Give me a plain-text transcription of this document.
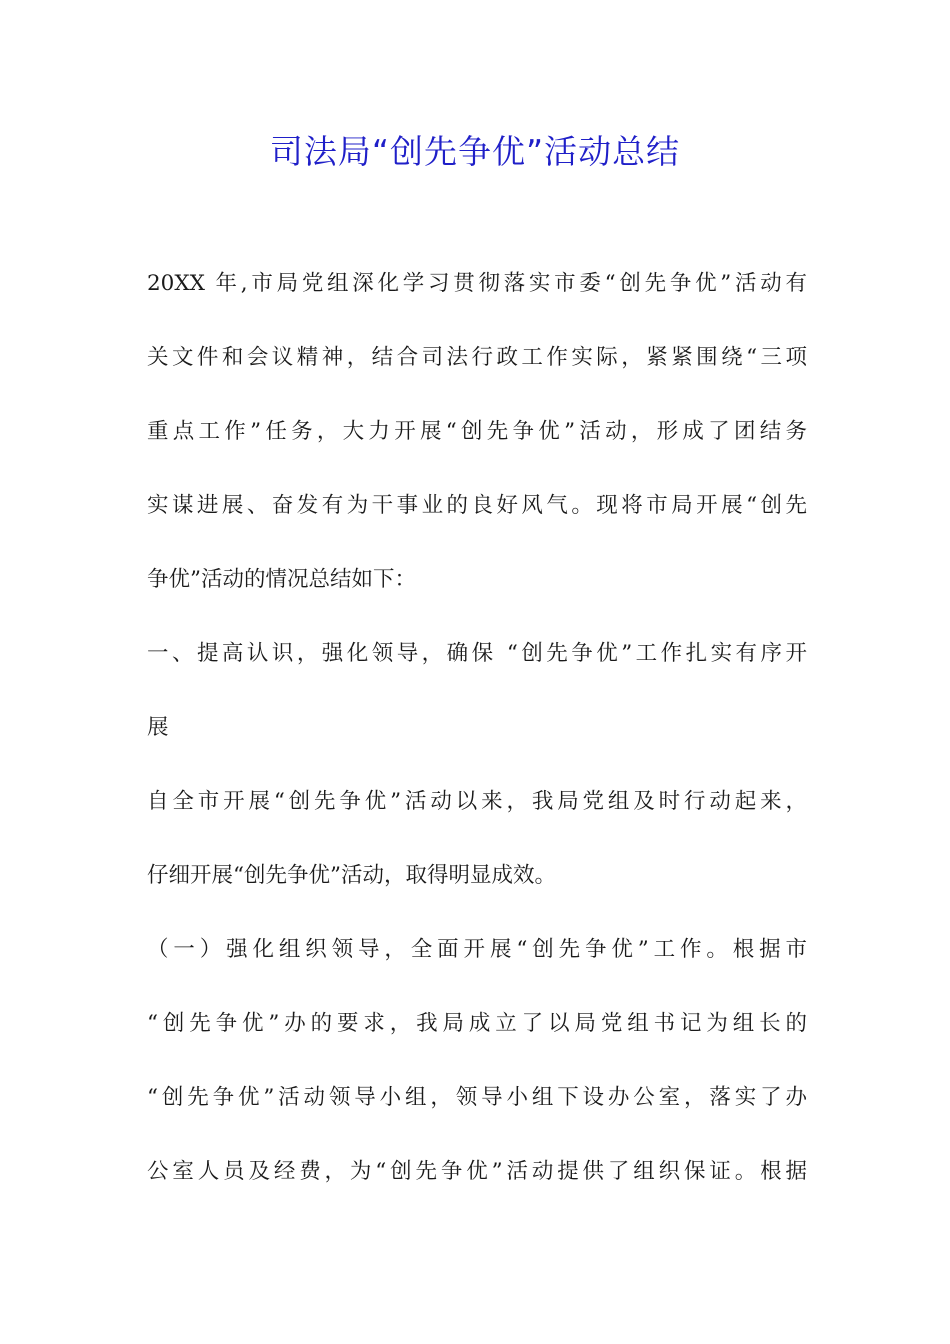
司法局“创先争优”活动总结
20XX 年,市局党组深化学习贯彻落实市委“创先争优”活动有
关文件和会议精神，结合司法行政工作实际，紧紧围绕“三项
重点工作”任务，大力开展“创先争优”活动，形成了团结务
实谋进展、奋发有为干事业的良好风气。现将市局开展“创先
争优”活动的情况总结如下：
一、提高认识，强化领导，确保 “创先争优”工作扎实有序开
展
自全市开展“创先争优”活动以来，我局党组及时行动起来，
仔细开展“创先争优”活动，取得明显成效。
（一）强化组织领导，全面开展“创先争优”工作。根据市
“创先争优”办的要求，我局成立了以局党组书记为组长的
“创先争优”活动领导小组，领导小组下设办公室，落实了办
公室人员及经费，为“创先争优”活动提供了组织保证。根据
